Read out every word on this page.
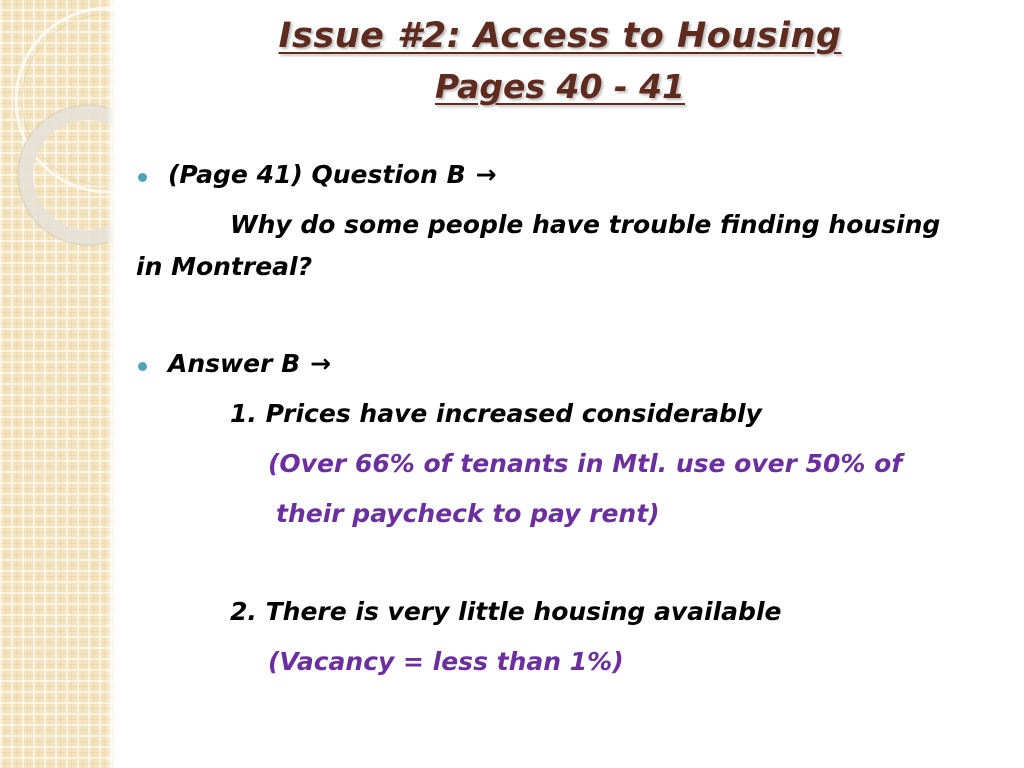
Issue #2: Access to Housing
Pages 40 - 41
(Page 41) Question B →
Why do some people have trouble finding housing
in Montreal?
Answer B →
1. Prices have increased considerably
(Over 66% of tenants in Mtl. use over 50% of
their paycheck to pay rent)
2. There is very little housing available
(Vacancy = less than 1%)
